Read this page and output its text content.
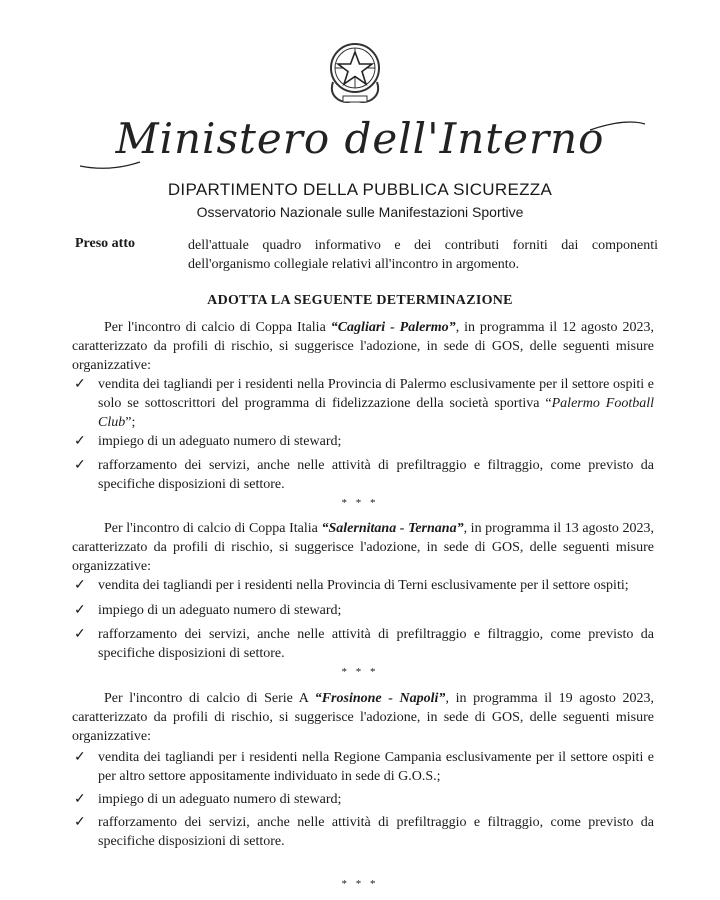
Ministero dell'Interno
DIPARTIMENTO DELLA PUBBLICA SICUREZZA
Osservatorio Nazionale sulle Manifestazioni Sportive
Preso atto	dell'attuale quadro informativo e dei contributi forniti dai componenti dell'organismo collegiale relativi all'incontro in argomento.
ADOTTA LA SEGUENTE DETERMINAZIONE
Per l'incontro di calcio di Coppa Italia “Cagliari - Palermo”, in programma il 12 agosto 2023, caratterizzato da profili di rischio, si suggerisce l'adozione, in sede di GOS, delle seguenti misure organizzative:
✓ vendita dei tagliandi per i residenti nella Provincia di Palermo esclusivamente per il settore ospiti e solo se sottoscrittori del programma di fidelizzazione della società sportiva “Palermo Football Club”;
✓ impiego di un adeguato numero di steward;
✓ rafforzamento dei servizi, anche nelle attività di prefiltraggio e filtraggio, come previsto da specifiche disposizioni di settore.
* * *
Per l'incontro di calcio di Coppa Italia “Salernitana - Ternana”, in programma il 13 agosto 2023, caratterizzato da profili di rischio, si suggerisce l'adozione, in sede di GOS, delle seguenti misure organizzative:
✓ vendita dei tagliandi per i residenti nella Provincia di Terni esclusivamente per il settore ospiti;
✓ impiego di un adeguato numero di steward;
✓ rafforzamento dei servizi, anche nelle attività di prefiltraggio e filtraggio, come previsto da specifiche disposizioni di settore.
* * *
Per l'incontro di calcio di Serie A “Frosinone - Napoli”, in programma il 19 agosto 2023, caratterizzato da profili di rischio, si suggerisce l'adozione, in sede di GOS, delle seguenti misure organizzative:
✓ vendita dei tagliandi per i residenti nella Regione Campania esclusivamente per il settore ospiti e per altro settore appositamente individuato in sede di G.O.S.;
✓ impiego di un adeguato numero di steward;
✓ rafforzamento dei servizi, anche nelle attività di prefiltraggio e filtraggio, come previsto da specifiche disposizioni di settore.
* * *
